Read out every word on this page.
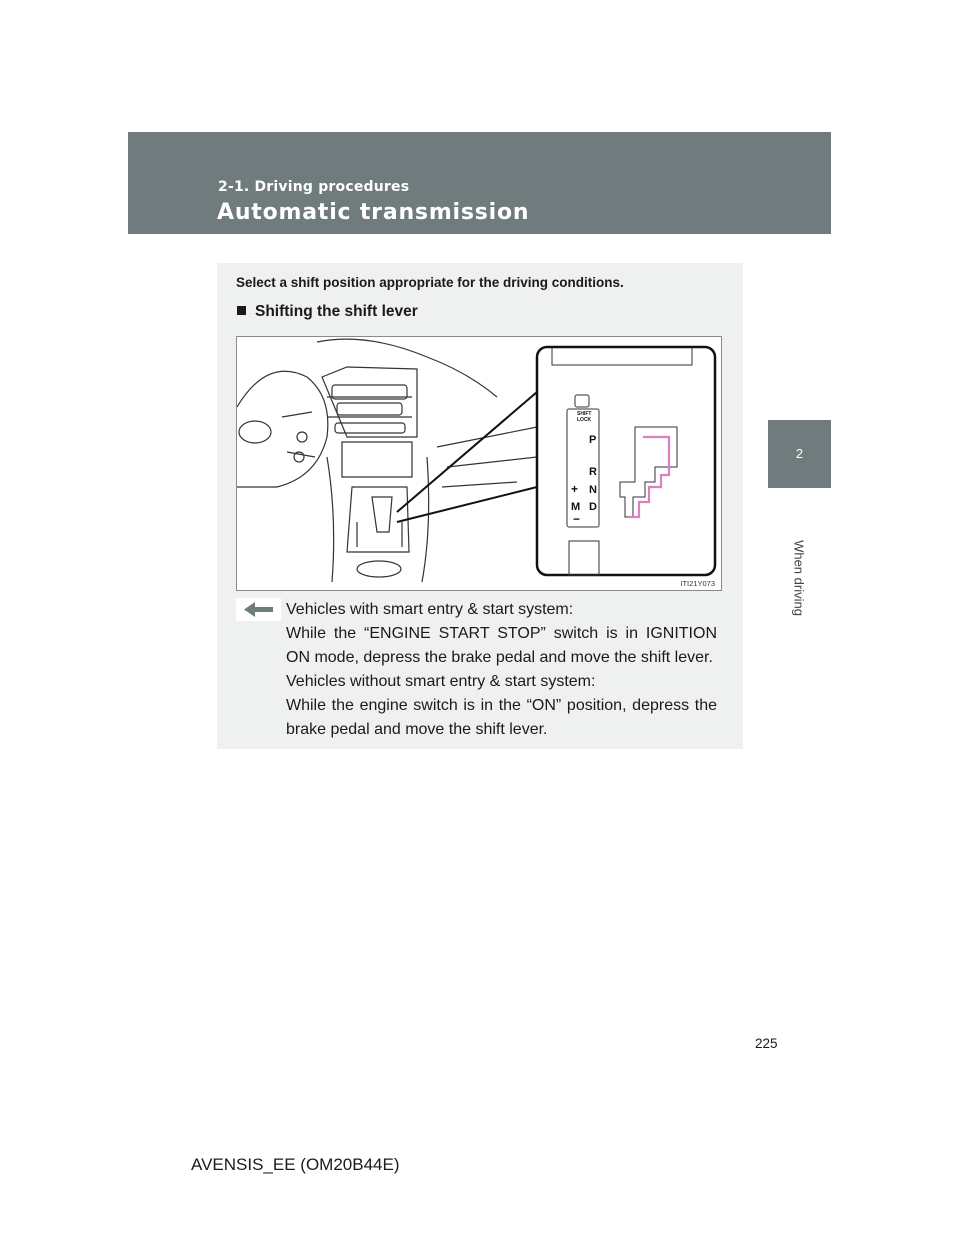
2-1. Driving procedures
Automatic transmission
2
When driving
Select a shift position appropriate for the driving conditions.
Shifting the shift lever
SHIFT
LOCK
P
R
N
D
+
M
−
ITI21Y073
Vehicles with smart entry & start system:
While the “ENGINE START STOP” switch is in IGNITION
ON mode, depress the brake pedal and move the shift lever.
Vehicles without smart entry & start system:
While the engine switch is in the “ON” position, depress the
brake pedal and move the shift lever.
225
AVENSIS_EE (OM20B44E)
